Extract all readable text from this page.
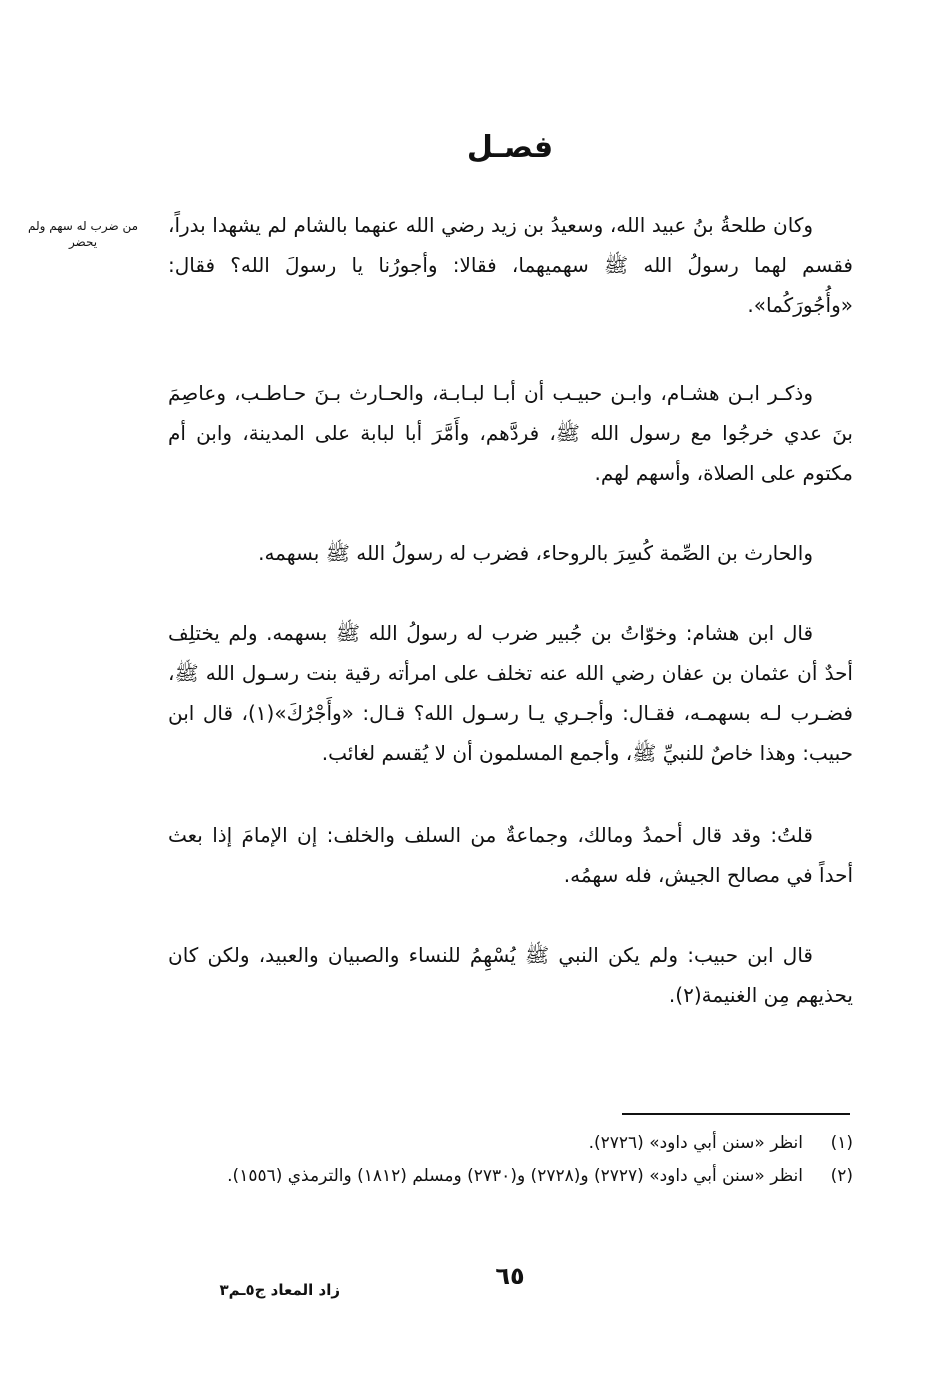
فصـل
من ضرب له سهم ولم يحضر

وكان طلحةُ بنُ عبيد الله، وسعيدُ بن زيد رضي الله عنهما بالشام لم يشهدا بدراً، فقسم لهما رسولُ الله ﷺ سهميهما، فقالا: وأجورُنا يا رسولَ الله؟ فقال: «وأُجُورَكُما».

وذكـر ابـن هشـام، وابـن حبيـب أن أبـا لبـابـة، والحـارث بـنَ حـاطـب، وعاصِمَ بنَ عدي خرجُوا مع رسول الله ﷺ، فردَّهم، وأَمَّرَ أبا لبابة على المدينة، وابن أم مكتوم على الصلاة، وأسهم لهم.

والحارث بن الصِّمة كُسِرَ بالروحاء، فضرب له رسولُ الله ﷺ بسهمه.

قال ابن هشام: وخوّاتُ بن جُبير ضرب له رسولُ الله ﷺ بسهمه. ولم يختلِف أحدٌ أن عثمان بن عفان رضي الله عنه تخلف على امرأته رقية بنت رسـول الله ﷺ، فضـرب لـه بسهمـه، فقـال: وأجـري يـا رسـول الله؟ قـال: «وأَجْرُكَ»(١)، قال ابن حبيب: وهذا خاصٌ للنبيِّ ﷺ، وأجمع المسلمون أن لا يُقسم لغائب.

قلتُ: وقد قال أحمدُ ومالك، وجماعةٌ من السلف والخلف: إن الإمامَ إذا بعث أحداً في مصالح الجيش، فله سهمُه.

قال ابن حبيب: ولم يكن النبي ﷺ يُسْهِمُ للنساء والصبيان والعبيد، ولكن كان يحذيهم مِن الغنيمة(٢).

(١)
انظر «سنن أبي داود» (٢٧٢٦).
(٢)
انظر «سنن أبي داود» (٢٧٢٧) و(٢٧٢٨) و(٢٧٣٠) ومسلم (١٨١٢) والترمذي (١٥٥٦).
٦٥
زاد المعاد ج٥ـم٣
